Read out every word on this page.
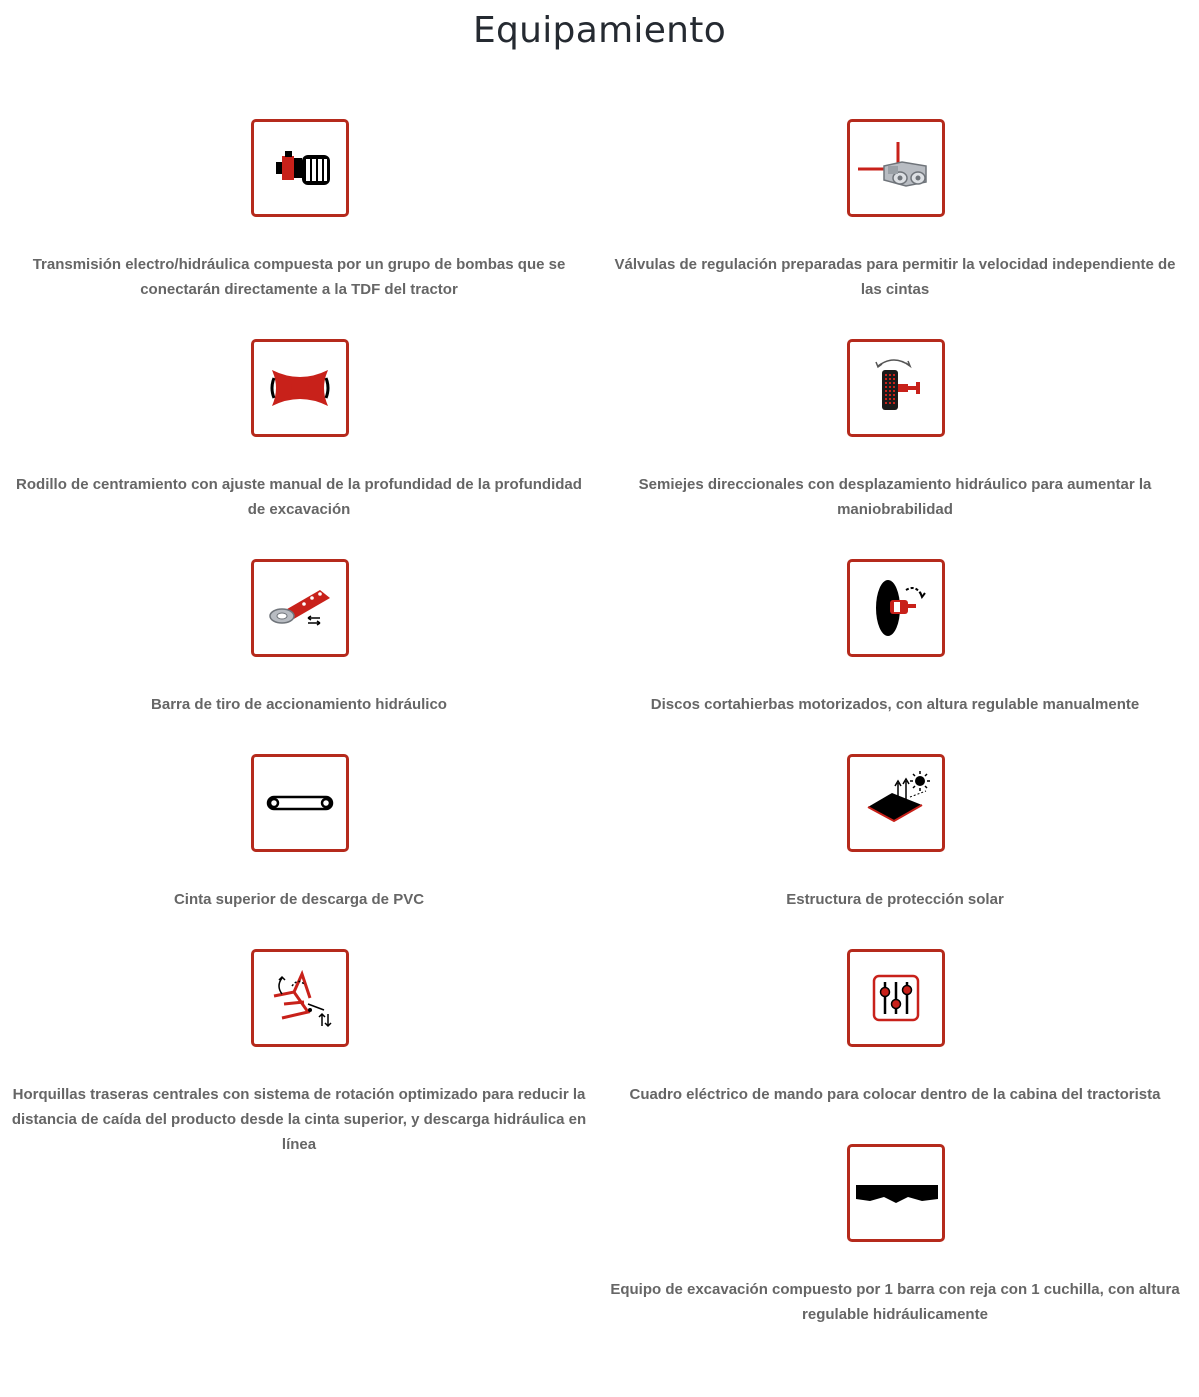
Equipamiento

Transmisión electro/hidráulica compuesta por un grupo de bombas que se conectarán directamente a la TDF del tractor

Válvulas de regulación preparadas para permitir la velocidad independiente de las cintas

Rodillo de centramiento con ajuste manual de la profundidad de la profundidad de excavación

Semiejes direccionales con desplazamiento hidráulico para aumentar la maniobrabilidad

Barra de tiro de accionamiento hidráulico	Discos cortahierbas motorizados, con altura regulable manualmente

Cinta superior de descarga de PVC	Estructura de protección solar

Horquillas traseras centrales con sistema de rotación optimizado para reducir la distancia de caída del producto desde la cinta superior, y descarga hidráulica en línea

Cuadro eléctrico de mando para colocar dentro de la cabina del tractorista

Equipo de excavación compuesto por 1 barra con reja con 1 cuchilla, con altura regulable hidráulicamente
